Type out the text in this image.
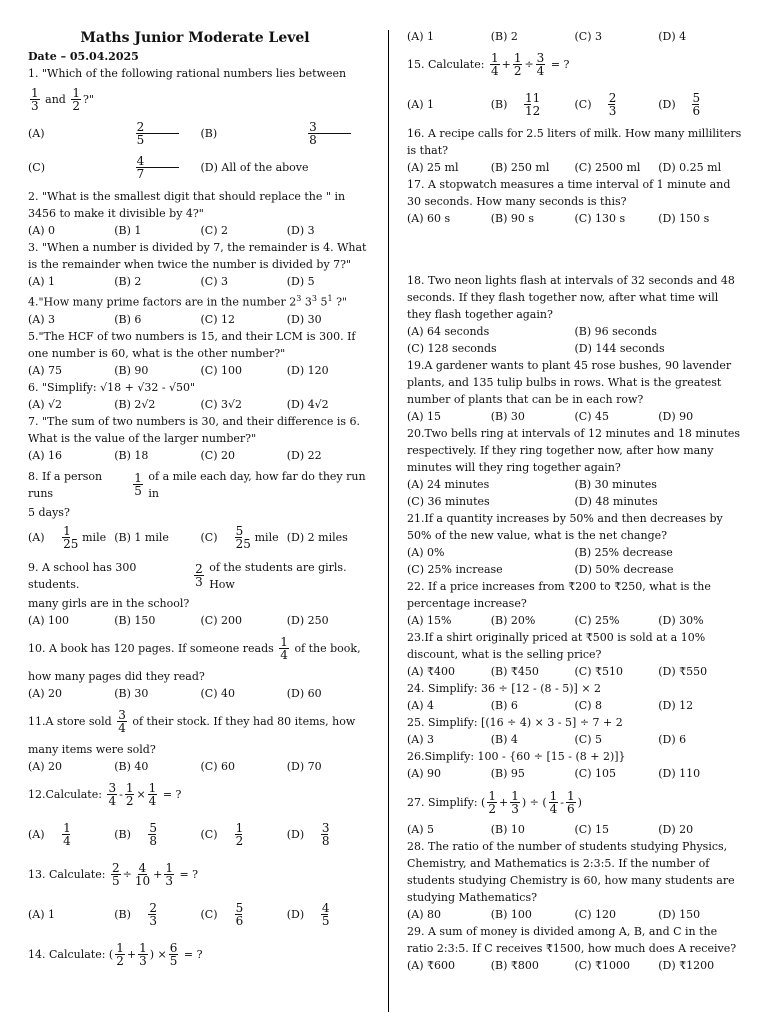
Maths Junior Moderate Level
Date – 05.04.2025
1. "Which of the following rational numbers lies between
$\frac{1}{3}$
and
$\frac{1}{2}$ ?"
(A)
	$\frac{2}{5} (B)$
	$\frac{3}{8}$
(C)
	$\frac{4}{7} (D)$ All of the above
2. "What is the smallest digit that should replace the " in 3456 to make it divisible by 4?"
(A) 0	(B) 1	(C) 2	(D) 3
3. "When a number is divided by 7, the remainder is 4. What is the remainder when twice the number is divided by 7?"
(A) 1	(B) 2	(C) 3	(D) 5
4."How many prime factors are in the number $2^3$ $3^3$ $5^1$ ?"
(A) 3	(B) 6	(C) 12	(D) 30
5."The HCF of two numbers is 15, and their LCM is 300. If one number is 60, what is the other number?"
(A) 75	(B) 90	(C) 100	(D) 120
6. "Simplify: √18 + √32 - √50"
(A) √2	(B) 2√2	(C) 3√2	(D) 4√2
7. "The sum of two numbers is 30, and their difference is 6. What is the value of the larger number?"
(A) 16	(B) 18	(C) 20	(D) 22
8. If a person runs
	$\frac{1}{5}$
of a mile each day, how far do they run in
5 days?
(A)
$\frac{1}{25}$
mile (B) 1 mile	(C)
$\frac{5}{25}$
mile (D) 2 miles
9. A school has 300 students.
	$\frac{2}{3}$
of the students are girls. How
many girls are in the school?
(A) 100	(B) 150	(C) 200	(D) 250
10. A book has 120 pages. If someone reads
$\frac{1}{4}$
of the book,
how many pages did they read?
(A) 20	(B) 30	(C) 40	(D) 60
11.A store sold
$\frac{3}{4}$
of their stock. If they had 80 items, how
many items were sold?
(A) 20	(B) 40	(C) 60	(D) 70
12.Calculate:
$\frac{3}{4} - \frac{1}{2} \times \frac{1}{4}$
= ?
(A)
$\frac{1}{4}$	(B)
$\frac{5}{8}$	(C)
$\frac{1}{2}$	(D)
$\frac{3}{8}$
13. Calculate:
$\frac{2}{5} \div \frac{4}{10} + \frac{1}{3}$
= ?
(A) 1	(B)
$\frac{2}{3}$	(C)
$\frac{5}{6}$	(D)
$\frac{4}{5}$
14. Calculate: ( $\frac{1}{2} + \frac{1}{3}$ ) × $\frac{6}{5}$
= ?
(A) 1	(B) 2	(C) 3	(D) 4
15. Calculate:
$\frac{1}{4} + \frac{1}{2} \div \frac{3}{4}$
= ?
(A) 1	(B)
$\frac{11}{12}$	(C)
$\frac{2}{3}$	(D)
$\frac{5}{6}$
16. A recipe calls for 2.5 liters of milk. How many milliliters is that?
(A) 25 ml	(B) 250 ml	(C) 2500 ml	(D) 0.25 ml
17. A stopwatch measures a time interval of 1 minute and 30 seconds. How many seconds is this?
(A) 60 s	(B) 90 s	(C) 130 s	(D) 150 s
18. Two neon lights flash at intervals of 32 seconds and 48 seconds. If they flash together now, after what time will they flash together again?
(A) 64 seconds	(B) 96 seconds
(C) 128 seconds	(D) 144 seconds
19.A gardener wants to plant 45 rose bushes, 90 lavender plants, and 135 tulip bulbs in rows. What is the greatest number of plants that can be in each row?
(A) 15	(B) 30	(C) 45	(D) 90
20.Two bells ring at intervals of 12 minutes and 18 minutes respectively. If they ring together now, after how many minutes will they ring together again?
(A) 24 minutes	(B) 30 minutes
(C) 36 minutes	(D) 48 minutes
21.If a quantity increases by 50% and then decreases by 50% of the new value, what is the net change?
(A) 0%	(B) 25% decrease
(C) 25% increase	(D) 50% decrease
22. If a price increases from ₹200 to ₹250, what is the percentage increase?
(A) 15%	(B) 20%	(C) 25%	(D) 30%
23.If a shirt originally priced at ₹500 is sold at a 10% discount, what is the selling price?
(A) ₹400	(B) ₹450	(C) ₹510	(D) ₹550
24. Simplify: 36 ÷ [12 - (8 - 5)] × 2
(A) 4	(B) 6	(C) 8	(D) 12
25. Simplify: [(16 ÷ 4) × 3 - 5] ÷ 7 + 2
(A) 3	(B) 4	(C) 5	(D) 6
26.Simplify: 100 - {60 ÷ [15 - (8 + 2)]}
(A) 90	(B) 95	(C) 105	(D) 110
27. Simplify: ( $\frac{1}{2} + \frac{1}{3}$ ) ÷ ( $\frac{1}{4} - \frac{1}{6}$ )
(A) 5	(B) 10	(C) 15	(D) 20
28. The ratio of the number of students studying Physics, Chemistry, and Mathematics is 2:3:5. If the number of students studying Chemistry is 60, how many students are studying Mathematics?
(A) 80	(B) 100	(C) 120	(D) 150
29. A sum of money is divided among A, B, and C in the ratio 2:3:5. If C receives ₹1500, how much does A receive?
(A) ₹600	(B) ₹800	(C) ₹1000	(D) ₹1200
